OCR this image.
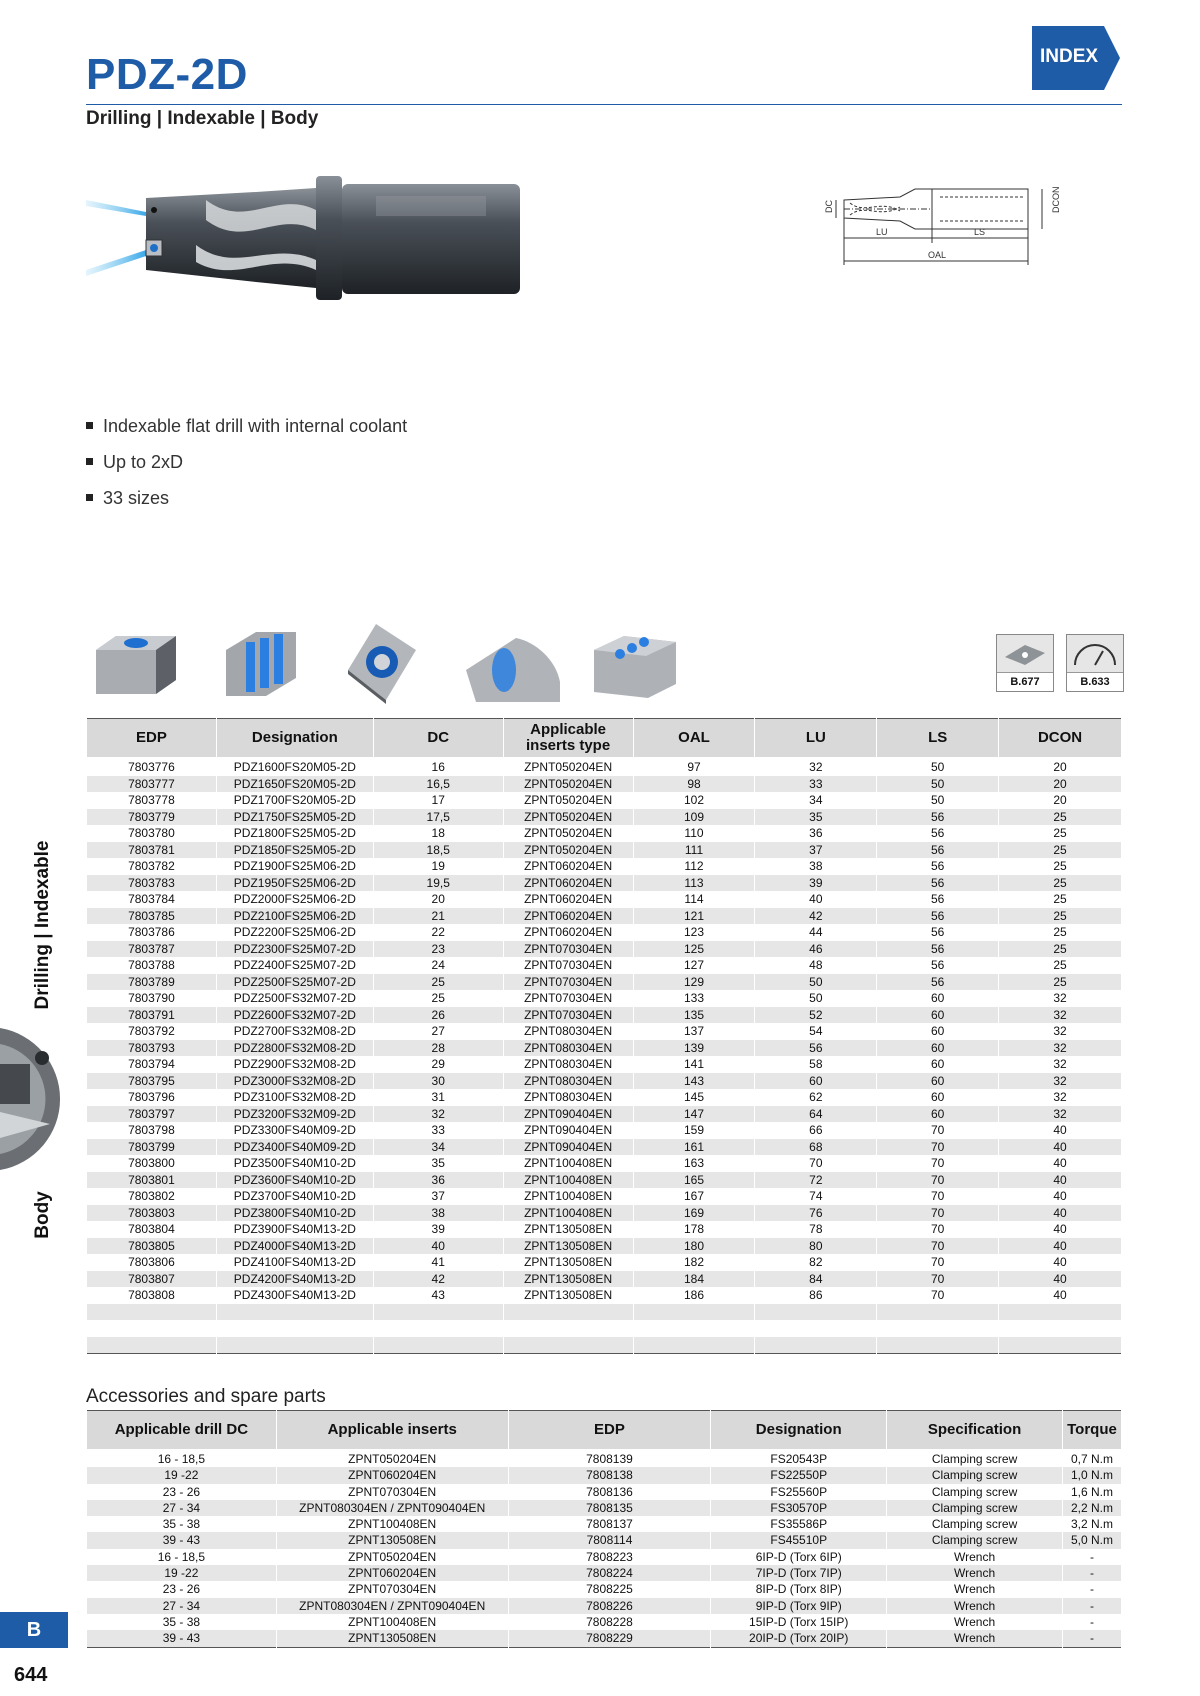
PDZ-2D
Drilling | Indexable | Body
INDEX
DC	DCON
LU	LS
OAL
Indexable flat drill with internal coolant
Up to 2xD
33 sizes
B.677	B.633
EDP	Designation	DC	Applicable inserts type	OAL	LU	LS	DCON
7803776	PDZ1600FS20M05-2D	16	ZPNT050204EN	97	32	50	20
7803777	PDZ1650FS20M05-2D	16,5	ZPNT050204EN	98	33	50	20
7803778	PDZ1700FS20M05-2D	17	ZPNT050204EN	102	34	50	20
7803779	PDZ1750FS25M05-2D	17,5	ZPNT050204EN	109	35	56	25
7803780	PDZ1800FS25M05-2D	18	ZPNT050204EN	110	36	56	25
7803781	PDZ1850FS25M05-2D	18,5	ZPNT050204EN	111	37	56	25
7803782	PDZ1900FS25M06-2D	19	ZPNT060204EN	112	38	56	25
7803783	PDZ1950FS25M06-2D	19,5	ZPNT060204EN	113	39	56	25
7803784	PDZ2000FS25M06-2D	20	ZPNT060204EN	114	40	56	25
7803785	PDZ2100FS25M06-2D	21	ZPNT060204EN	121	42	56	25
7803786	PDZ2200FS25M06-2D	22	ZPNT060204EN	123	44	56	25
7803787	PDZ2300FS25M07-2D	23	ZPNT070304EN	125	46	56	25
7803788	PDZ2400FS25M07-2D	24	ZPNT070304EN	127	48	56	25
7803789	PDZ2500FS25M07-2D	25	ZPNT070304EN	129	50	56	25
7803790	PDZ2500FS32M07-2D	25	ZPNT070304EN	133	50	60	32
7803791	PDZ2600FS32M07-2D	26	ZPNT070304EN	135	52	60	32
7803792	PDZ2700FS32M08-2D	27	ZPNT080304EN	137	54	60	32
7803793	PDZ2800FS32M08-2D	28	ZPNT080304EN	139	56	60	32
7803794	PDZ2900FS32M08-2D	29	ZPNT080304EN	141	58	60	32
7803795	PDZ3000FS32M08-2D	30	ZPNT080304EN	143	60	60	32
7803796	PDZ3100FS32M08-2D	31	ZPNT080304EN	145	62	60	32
7803797	PDZ3200FS32M09-2D	32	ZPNT090404EN	147	64	60	32
7803798	PDZ3300FS40M09-2D	33	ZPNT090404EN	159	66	70	40
7803799	PDZ3400FS40M09-2D	34	ZPNT090404EN	161	68	70	40
7803800	PDZ3500FS40M10-2D	35	ZPNT100408EN	163	70	70	40
7803801	PDZ3600FS40M10-2D	36	ZPNT100408EN	165	72	70	40
7803802	PDZ3700FS40M10-2D	37	ZPNT100408EN	167	74	70	40
7803803	PDZ3800FS40M10-2D	38	ZPNT100408EN	169	76	70	40
7803804	PDZ3900FS40M13-2D	39	ZPNT130508EN	178	78	70	40
7803805	PDZ4000FS40M13-2D	40	ZPNT130508EN	180	80	70	40
7803806	PDZ4100FS40M13-2D	41	ZPNT130508EN	182	82	70	40
7803807	PDZ4200FS40M13-2D	42	ZPNT130508EN	184	84	70	40
7803808	PDZ4300FS40M13-2D	43	ZPNT130508EN	186	86	70	40

Accessories and spare parts
Applicable drill DC	Applicable inserts	EDP	Designation	Specification	Torque
16 - 18,5	ZPNT050204EN	7808139	FS20543P	Clamping screw	0,7 N.m
19 -22	ZPNT060204EN	7808138	FS22550P	Clamping screw	1,0 N.m
23 - 26	ZPNT070304EN	7808136	FS25560P	Clamping screw	1,6 N.m
27 - 34	ZPNT080304EN / ZPNT090404EN	7808135	FS30570P	Clamping screw	2,2 N.m
35 - 38	ZPNT100408EN	7808137	FS35586P	Clamping screw	3,2 N.m
39 - 43	ZPNT130508EN	7808114	FS45510P	Clamping screw	5,0 N.m
16 - 18,5	ZPNT050204EN	7808223	6IP-D (Torx 6IP)	Wrench	-
19 -22	ZPNT060204EN	7808224	7IP-D (Torx 7IP)	Wrench	-
23 - 26	ZPNT070304EN	7808225	8IP-D (Torx 8IP)	Wrench	-
27 - 34	ZPNT080304EN / ZPNT090404EN	7808226	9IP-D (Torx 9IP)	Wrench	-
35 - 38	ZPNT100408EN	7808228	15IP-D (Torx 15IP)	Wrench	-
39 - 43	ZPNT130508EN	7808229	20IP-D (Torx 20IP)	Wrench	-
Drilling | Indexable
Body
B
644
